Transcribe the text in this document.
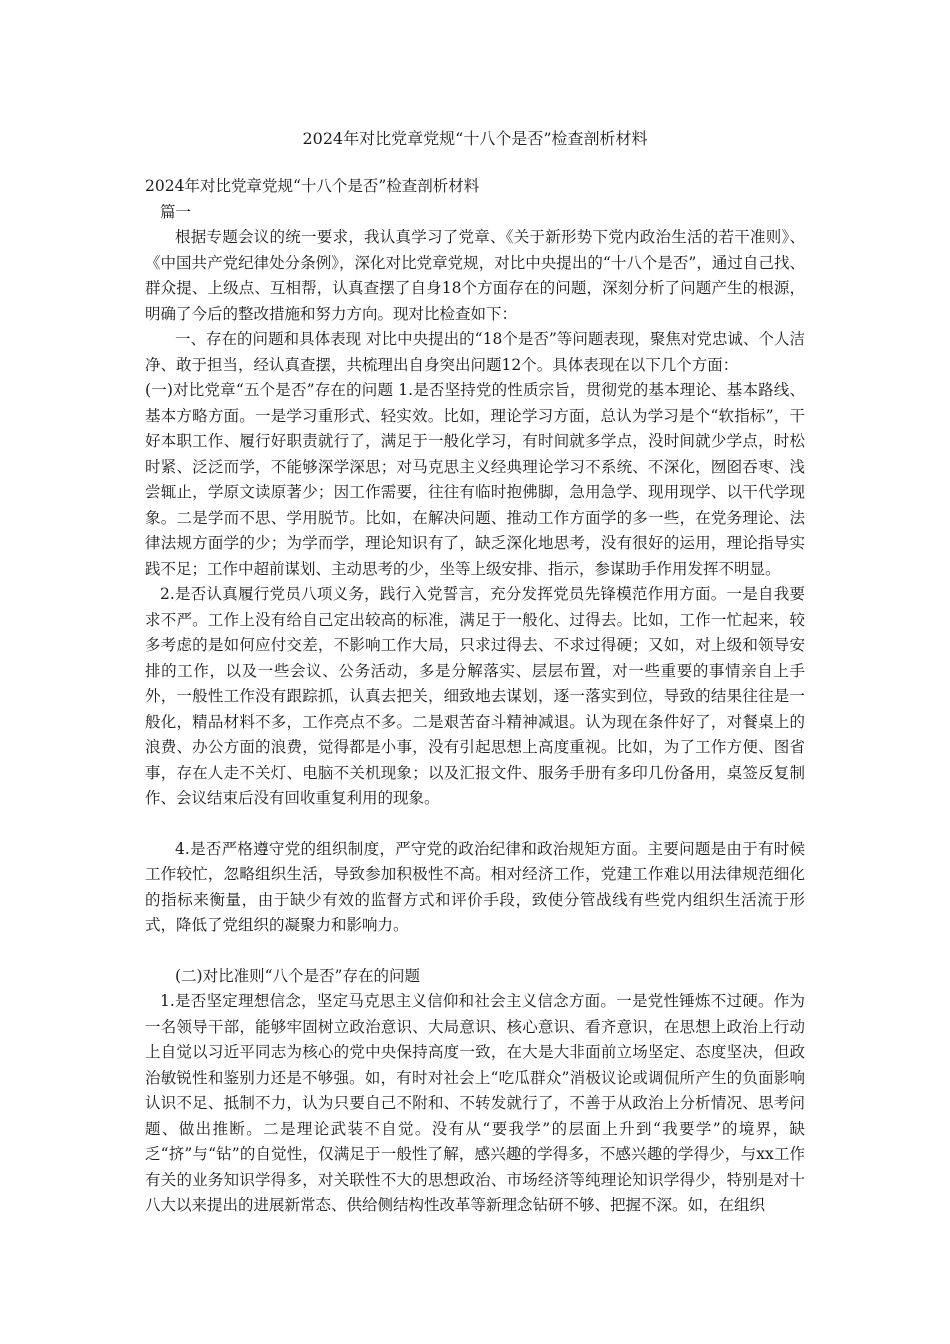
2024年对比党章党规“十八个是否”检查剖析材料

2024年对比党章党规“十八个是否”检查剖析材料

篇一

根据专题会议的统一要求，我认真学习了党章、《关于新形势下党内政治生活的若干准则》、《中国共产党纪律处分条例》，深化对比党章党规，对比中央提出的“十八个是否”，通过自己找、群众提、上级点、互相帮，认真查摆了自身18个方面存在的问题，深刻分析了问题产生的根源，明确了今后的整改措施和努力方向。现对比检查如下：

一、存在的问题和具体表现 对比中央提出的“18个是否”等问题表现，聚焦对党忠诚、个人洁净、敢于担当，经认真查摆，共梳理出自身突出问题12个。具体表现在以下几个方面：

(一)对比党章“五个是否”存在的问题 1.是否坚持党的性质宗旨，贯彻党的基本理论、基本路线、基本方略方面。一是学习重形式、轻实效。比如，理论学习方面，总认为学习是个“软指标”，干好本职工作、履行好职责就行了，满足于一般化学习，有时间就多学点，没时间就少学点，时松时紧、泛泛而学，不能够深学深思；对马克思主义经典理论学习不系统、不深化，囫囵吞枣、浅尝辄止，学原文读原著少；因工作需要，往往有临时抱佛脚，急用急学、现用现学、以干代学现象。二是学而不思、学用脱节。比如，在解决问题、推动工作方面学的多一些，在党务理论、法律法规方面学的少；为学而学，理论知识有了，缺乏深化地思考，没有很好的运用，理论指导实践不足；工作中超前谋划、主动思考的少，坐等上级安排、指示，参谋助手作用发挥不明显。

2.是否认真履行党员八项义务，践行入党誓言，充分发挥党员先锋模范作用方面。一是自我要求不严。工作上没有给自己定出较高的标准，满足于一般化、过得去。比如，工作一忙起来，较多考虑的是如何应付交差，不影响工作大局，只求过得去、不求过得硬；又如，对上级和领导安排的工作，以及一些会议、公务活动，多是分解落实、层层布置，对一些重要的事情亲自上手外，一般性工作没有跟踪抓，认真去把关，细致地去谋划，逐一落实到位，导致的结果往往是一般化，精品材料不多，工作亮点不多。二是艰苦奋斗精神减退。认为现在条件好了，对餐桌上的浪费、办公方面的浪费，觉得都是小事，没有引起思想上高度重视。比如，为了工作方便、图省事，存在人走不关灯、电脑不关机现象；以及汇报文件、服务手册有多印几份备用，桌签反复制作、会议结束后没有回收重复利用的现象。

4.是否严格遵守党的组织制度，严守党的政治纪律和政治规矩方面。主要问题是由于有时候工作较忙，忽略组织生活，导致参加积极性不高。相对经济工作，党建工作难以用法律规范细化的指标来衡量，由于缺少有效的监督方式和评价手段，致使分管战线有些党内组织生活流于形式，降低了党组织的凝聚力和影响力。

(二)对比准则“八个是否”存在的问题

1.是否坚定理想信念，坚定马克思主义信仰和社会主义信念方面。一是党性锤炼不过硬。作为一名领导干部，能够牢固树立政治意识、大局意识、核心意识、看齐意识，在思想上政治上行动上自觉以习近平同志为核心的党中央保持高度一致，在大是大非面前立场坚定、态度坚决，但政治敏锐性和鉴别力还是不够强。如，有时对社会上“吃瓜群众”消极议论或调侃所产生的负面影响认识不足、抵制不力，认为只要自己不附和、不转发就行了，不善于从政治上分析情况、思考问题、做出推断。二是理论武装不自觉。没有从“要我学”的层面上升到“我要学”的境界，缺乏“挤”与“钻”的自觉性，仅满足于一般性了解，感兴趣的学得多，不感兴趣的学得少，与xx工作有关的业务知识学得多，对关联性不大的思想政治、市场经济等纯理论知识学得少，特别是对十八大以来提出的进展新常态、供给侧结构性改革等新理念钻研不够、把握不深。如，在组织
